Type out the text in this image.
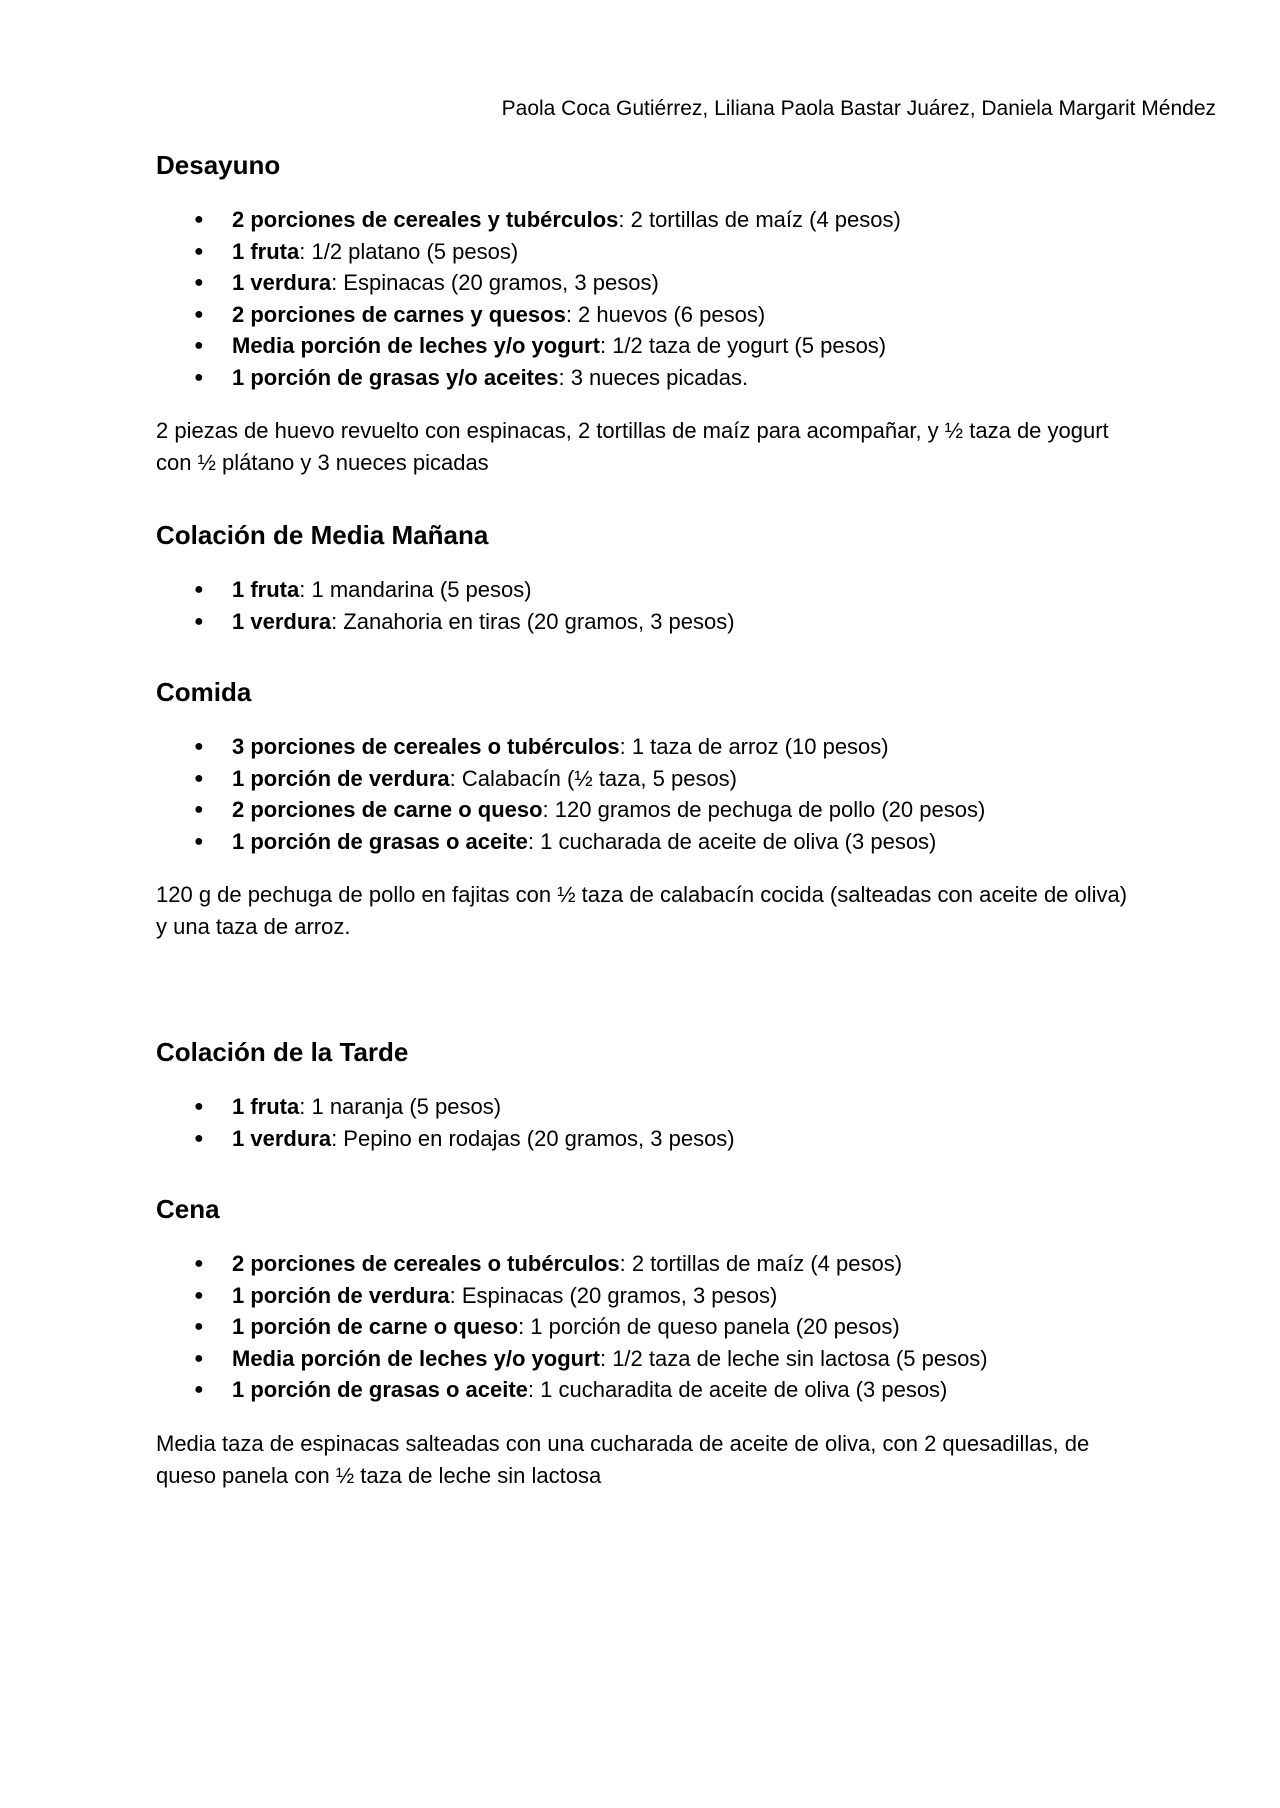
Paola Coca Gutiérrez, Liliana Paola Bastar Juárez, Daniela Margarit Méndez
Desayuno
● 2 porciones de cereales y tubérculos: 2 tortillas de maíz (4 pesos)
● 1 fruta: 1/2 platano (5 pesos)
● 1 verdura: Espinacas (20 gramos, 3 pesos)
● 2 porciones de carnes y quesos: 2 huevos (6 pesos)
● Media porción de leches y/o yogurt: 1/2 taza de yogurt (5 pesos)
● 1 porción de grasas y/o aceites: 3 nueces picadas.

2 piezas de huevo revuelto con espinacas, 2 tortillas de maíz para acompañar, y ½ taza de yogurt con ½ plátano y 3 nueces picadas

Colación de Media Mañana
● 1 fruta: 1 mandarina (5 pesos)
● 1 verdura: Zanahoria en tiras (20 gramos, 3 pesos)
Comida
● 3 porciones de cereales o tubérculos: 1 taza de arroz (10 pesos)
● 1 porción de verdura: Calabacín (½ taza, 5 pesos)
● 2 porciones de carne o queso: 120 gramos de pechuga de pollo (20 pesos)
● 1 porción de grasas o aceite: 1 cucharada de aceite de oliva (3 pesos)

120 g de pechuga de pollo en fajitas con ½ taza de calabacín cocida (salteadas con aceite de oliva) y una taza de arroz.

Colación de la Tarde
● 1 fruta: 1 naranja (5 pesos)
● 1 verdura: Pepino en rodajas (20 gramos, 3 pesos)
Cena
● 2 porciones de cereales o tubérculos: 2 tortillas de maíz (4 pesos)
● 1 porción de verdura: Espinacas (20 gramos, 3 pesos)
● 1 porción de carne o queso: 1 porción de queso panela (20 pesos)
● Media porción de leches y/o yogurt: 1/2 taza de leche sin lactosa (5 pesos)
● 1 porción de grasas o aceite: 1 cucharadita de aceite de oliva (3 pesos)

Media taza de espinacas salteadas con una cucharada de aceite de oliva, con 2 quesadillas, de queso panela con ½ taza de leche sin lactosa
